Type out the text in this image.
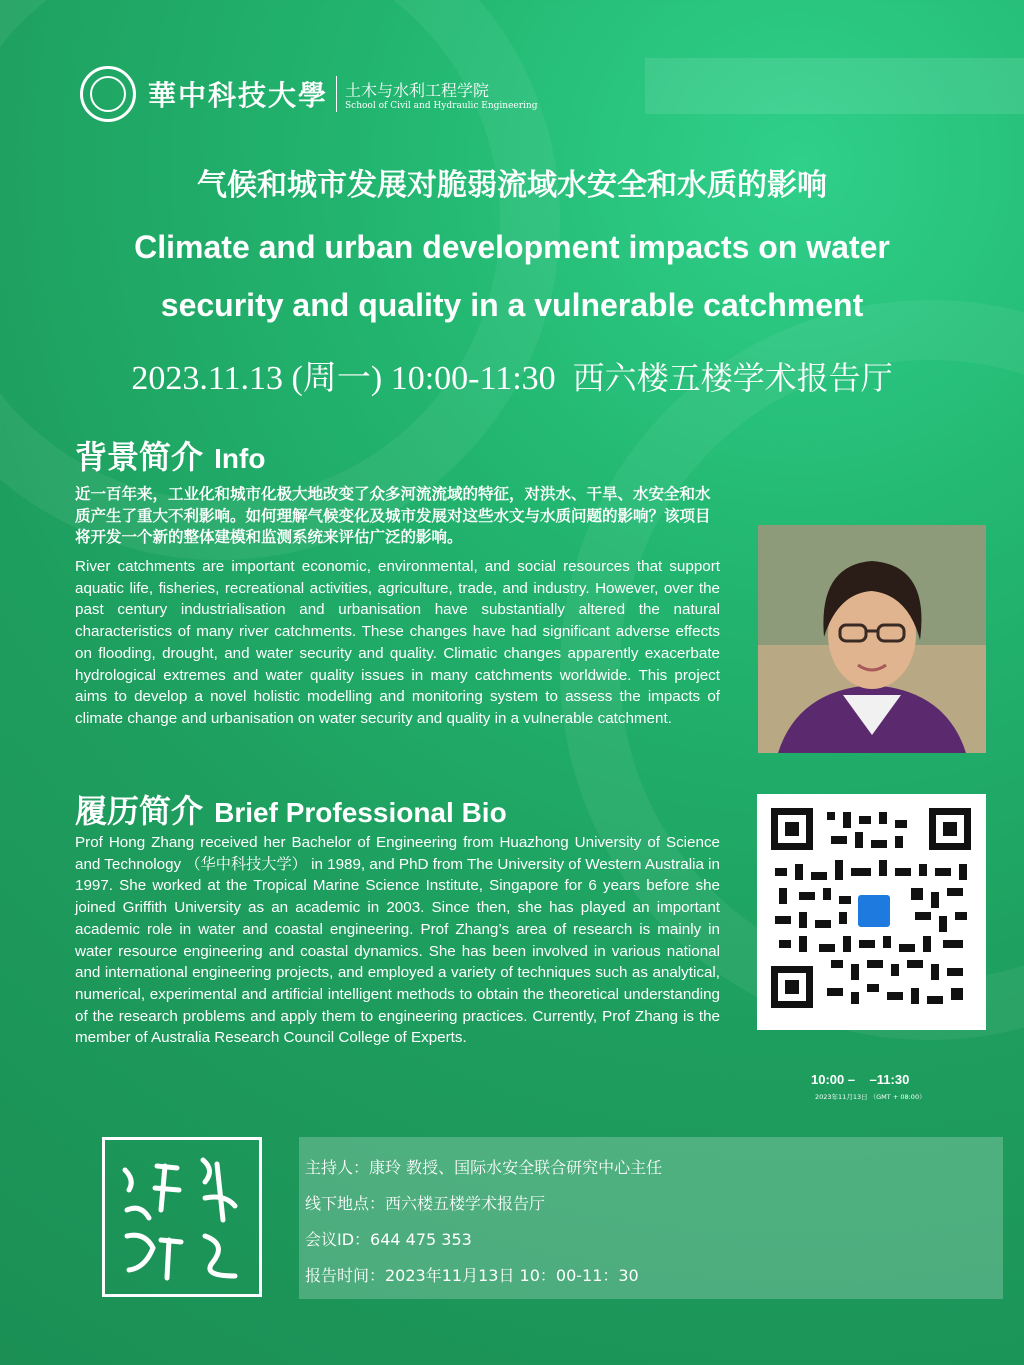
華中科技大學 土木与水利工程学院
School of Civil and Hydraulic Engineering
气候和城市发展对脆弱流域水安全和水质的影响
Climate and urban development impacts on water
security and quality in a vulnerable catchment
2023.11.13 (周一) 10:00-11:30 西六楼五楼学术报告厅
背景简介 Info
近一百年来，工业化和城市化极大地改变了众多河流流域的特征，对洪水、干旱、水安全和水质产生了重大不利影响。如何理解气候变化及城市发展对这些水文与水质问题的影响？该项目将开发一个新的整体建模和监测系统来评估广泛的影响。
River catchments are important economic, environmental, and social resources that support aquatic life, fisheries, recreational activities, agriculture, trade, and industry. However, over the past century industrialisation and urbanisation have substantially altered the natural characteristics of many river catchments. These changes have had significant adverse effects on flooding, drought, and water security and quality. Climatic changes apparently exacerbate hydrological extremes and water quality issues in many catchments worldwide. This project aims to develop a novel holistic modelling and monitoring system to assess the impacts of climate change and urbanisation on water security and quality in a vulnerable catchment.
履历简介 Brief Professional Bio
Prof Hong Zhang received her Bachelor of Engineering from Huazhong University of Science and Technology （华中科技大学） in 1989, and PhD from The University of Western Australia in 1997. She worked at the Tropical Marine Science Institute, Singapore for 6 years before she joined Griffith University as an academic in 2003. Since then, she has played an important academic role in water and coastal engineering. Prof Zhang’s area of research is mainly in water resource engineering and coastal dynamics. She has been involved in various national and international engineering projects, and employed a variety of techniques such as analytical, numerical, experimental and artificial intelligent methods to obtain the theoretical understanding of the research problems and apply them to engineering practices. Currently, Prof Zhang is the member of Australia Research Council College of Experts.
10:00 –    –11:30
2023年11月13日 （GMT + 08:00）
主持人：康玲 教授、国际水安全联合研究中心主任
线下地点：西六楼五楼学术报告厅
会议ID：644 475 353
报告时间：2023年11月13日 10：00-11：30
